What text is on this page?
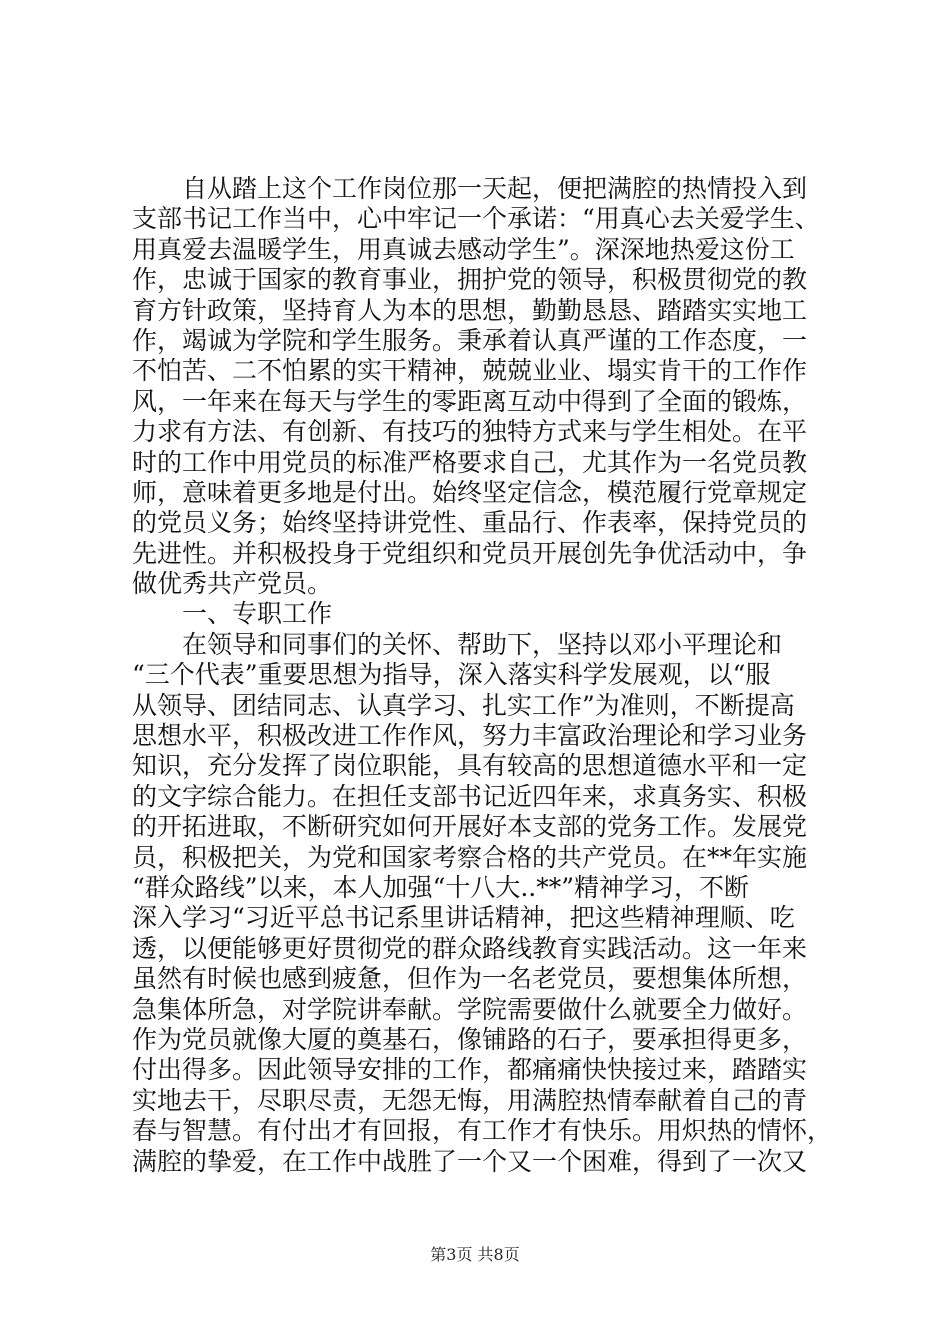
自从踏上这个工作岗位那一天起，便把满腔的热情投入到
支部书记工作当中，心中牢记一个承诺：“用真心去关爱学生、
用真爱去温暖学生，用真诚去感动学生”。深深地热爱这份工
作，忠诚于国家的教育事业，拥护党的领导，积极贯彻党的教
育方针政策，坚持育人为本的思想，勤勤恳恳、踏踏实实地工
作，竭诚为学院和学生服务。秉承着认真严谨的工作态度，一
不怕苦、二不怕累的实干精神，兢兢业业、塌实肯干的工作作
风，一年来在每天与学生的零距离互动中得到了全面的锻炼，
力求有方法、有创新、有技巧的独特方式来与学生相处。在平
时的工作中用党员的标准严格要求自己，尤其作为一名党员教
师，意味着更多地是付出。始终坚定信念，模范履行党章规定
的党员义务；始终坚持讲党性、重品行、作表率，保持党员的
先进性。并积极投身于党组织和党员开展创先争优活动中，争
做优秀共产党员。
一、专职工作
在领导和同事们的关怀、帮助下，坚持以邓小平理论和
“三个代表”重要思想为指导，深入落实科学发展观，以“服
从领导、团结同志、认真学习、扎实工作”为准则，不断提高
思想水平，积极改进工作作风，努力丰富政治理论和学习业务
知识，充分发挥了岗位职能，具有较高的思想道德水平和一定
的文字综合能力。在担任支部书记近四年来，求真务实、积极
的开拓进取，不断研究如何开展好本支部的党务工作。发展党
员，积极把关，为党和国家考察合格的共产党员。在**年实施
“群众路线”以来，本人加强“十八大..**”精神学习，不断
深入学习“习近平总书记系里讲话精神，把这些精神理顺、吃
透，以便能够更好贯彻党的群众路线教育实践活动。这一年来
虽然有时候也感到疲惫，但作为一名老党员，要想集体所想，
急集体所急，对学院讲奉献。学院需要做什么就要全力做好。
作为党员就像大厦的奠基石，像铺路的石子，要承担得更多，
付出得多。因此领导安排的工作，都痛痛快快接过来，踏踏实
实地去干，尽职尽责，无怨无悔，用满腔热情奉献着自己的青
春与智慧。有付出才有回报，有工作才有快乐。用炽热的情怀，
满腔的挚爱，在工作中战胜了一个又一个困难，得到了一次又
第3页 共8页
